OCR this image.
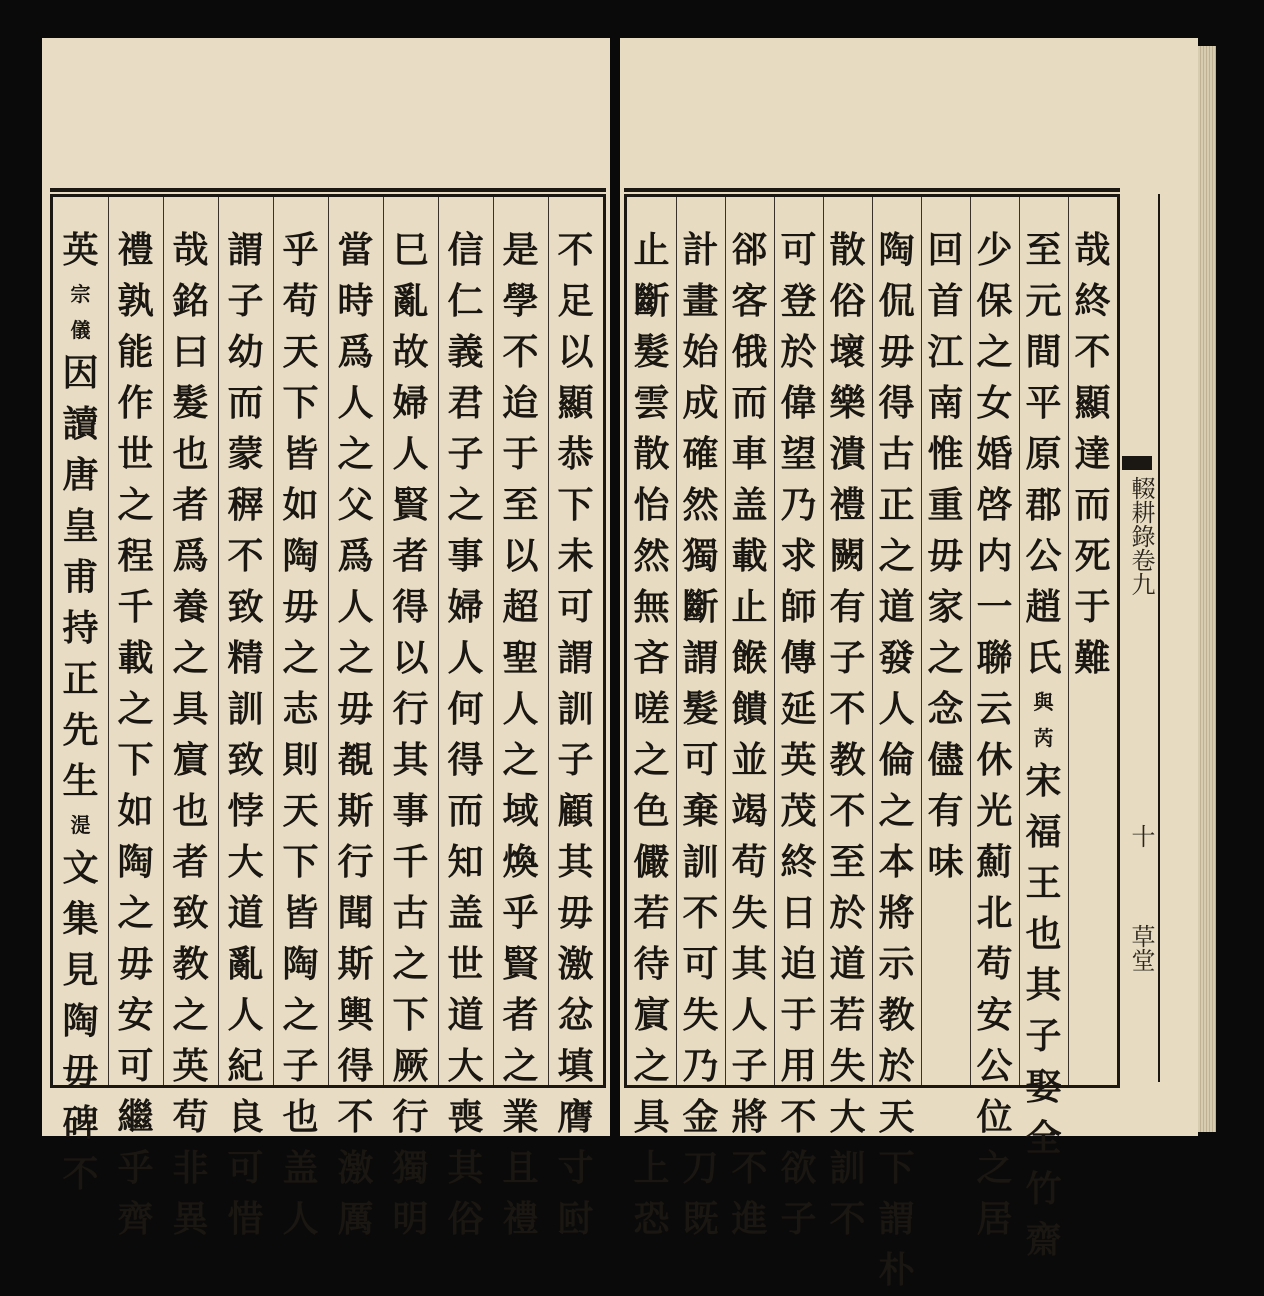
不
足
以
顯
恭
下
未
可
謂
訓
子
顧
其
毋
激
忿
填
膺
寸
尀
是
學
不
迨
于
至
以
超
聖
人
之
域
煥
乎
賢
者
之
業
且
禮
信
仁
義
君
子
之
事
婦
人
何
得
而
知
盖
世
道
大
喪
其
俗
巳
亂
故
婦
人
賢
者
得
以
行
其
事
千
古
之
下
厥
行
獨
明
當
時
爲
人
之
父
爲
人
之
毋
覩
斯
行
聞
斯
輿
得
不
激
厲
乎
苟
天
下
皆
如
陶
毋
之
志
則
天
下
皆
陶
之
子
也
盖
人
謂
子
幼
而
蒙
稺
不
致
精
訓
致
悖
大
道
亂
人
紀
良
可
惜
哉
銘
曰
髮
也
者
爲
養
之
具
賔
也
者
致
教
之
英
苟
非
異
禮
孰
能
作
世
之
程
千
載
之
下
如
陶
之
毋
安
可
繼
乎
齊
英
宗
儀
因
讀
唐
皇
甫
持
正
先
生
湜
文
集
見
陶
毋
碑
不
哉
終
不
顯
達
而
死
于
難
至
元
間
平
原
郡
公
趙
氏
與
芮
宋
福
王
也
其
子
娶
全
竹
齋
少
保
之
女
婚
啓
内
一
聯
云
休
光
薊
北
苟
安
公
位
之
居
回
首
江
南
惟
重
毋
家
之
念
儘
有
味
陶
侃
毋
得
古
正
之
道
發
人
倫
之
本
將
示
教
於
天
下
謂
朴
散
俗
壞
樂
潰
禮
闕
有
子
不
教
不
至
於
道
若
失
大
訓
不
可
登
於
偉
望
乃
求
師
傳
延
英
茂
終
日
迫
于
用
不
欲
子
郤
客
俄
而
車
盖
載
止
餱
饋
並
竭
苟
失
其
人
子
將
不
進
計
畫
始
成
確
然
獨
斷
謂
髮
可
棄
訓
不
可
失
乃
金
刀
既
止
斷
髮
雲
散
怡
然
無
吝
嗟
之
色
儼
若
待
賔
之
具
上
恐
輟耕錄卷九
十
草堂
